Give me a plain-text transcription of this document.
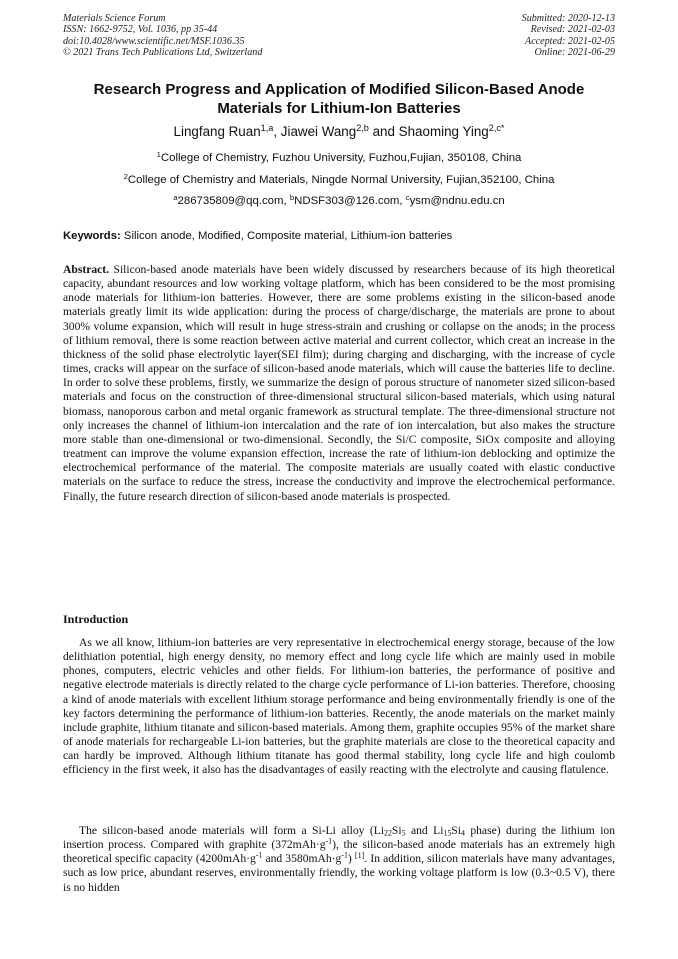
Materials Science Forum
ISSN: 1662-9752, Vol. 1036, pp 35-44
doi:10.4028/www.scientific.net/MSF.1036.35
© 2021 Trans Tech Publications Ltd, Switzerland
Submitted: 2020-12-13
Revised: 2021-02-03
Accepted: 2021-02-05
Online: 2021-06-29
Research Progress and Application of Modified Silicon-Based Anode
Materials for Lithium-Ion Batteries
Lingfang Ruan$^{1,a}$, Jiawei Wang$^{2,b}$ and Shaoming Ying$^{2,c*}$
$^1$College of Chemistry, Fuzhou University, Fuzhou,Fujian, 350108, China
$^2$College of Chemistry and Materials, Ningde Normal University, Fujian,352100, China
$^a$286735809@qq.com, $^b$NDSF303@126.com, $^c$ysm@ndnu.edu.cn
Keywords: Silicon anode, Modified, Composite material, Lithium-ion batteries
Abstract. Silicon-based anode materials have been widely discussed by researchers because of its high theoretical capacity, abundant resources and low working voltage platform, which has been considered to be the most promising anode materials for lithium-ion batteries. However, there are some problems existing in the silicon-based anode materials greatly limit its wide application: during the process of charge/discharge, the materials are prone to about 300% volume expansion, which will result in huge stress-strain and crushing or collapse on the anods; in the process of lithium removal, there is some reaction between active material and current collector, which creat an increase in the thickness of the solid phase electrolytic layer(SEI film); during charging and discharging, with the increase of cycle times, cracks will appear on the surface of silicon-based anode materials, which will cause the batteries life to decline. In order to solve these problems, firstly, we summarize the design of porous structure of nanometer sized silicon-based materials and focus on the construction of three-dimensional structural silicon-based materials, which using natural biomass, nanoporous carbon and metal organic framework as structural template. The three-dimensional structure not only increases the channel of lithium-ion intercalation and the rate of ion intercalation, but also makes the structure more stable than one-dimensional or two-dimensional. Secondly, the Si/C composite, SiOx composite and alloying treatment can improve the volume expansion effection, increase the rate of lithium-ion deblocking and optimize the electrochemical performance of the material. The composite materials are usually coated with elastic conductive materials on the surface to reduce the stress, increase the conductivity and improve the electrochemical performance. Finally, the future research direction of silicon-based anode materials is prospected.
Introduction
As we all know, lithium-ion batteries are very representative in electrochemical energy storage, because of the low delithiation potential, high energy density, no memory effect and long cycle life which are mainly used in mobile phones, computers, electric vehicles and other fields. For lithium-ion batteries, the performance of positive and negative electrode materials is directly related to the charge cycle performance of Li-ion batteries. Therefore, choosing a kind of anode materials with excellent lithium storage performance and being environmentally friendly is one of the key factors determining the performance of lithium-ion batteries. Recently, the anode materials on the market mainly include graphite, lithium titanate and silicon-based materials. Among them, graphite occupies 95% of the market share of anode materials for rechargeable Li-ion batteries, but the graphite materials are close to the theoretical capacity and can hardly be improved. Although lithium titanate has good thermal stability, long cycle life and high coulomb efficiency in the first week, it also has the disadvantages of easily reacting with the electrolyte and causing flatulence.
The silicon-based anode materials will form a Si-Li alloy ($Li_{22}Si_5$ and $Li_{15}Si_4$ phase) during the lithium ion insertion process. Compared with graphite $(372mAh\cdot g^{-1})$, the silicon-based anode materials has an extremely high theoretical specific capacity ($4200mAh\cdot g^{-1}$ and $3580mAh\cdot g^{-1}$) [1]. In addition, silicon materials have many advantages, such as low price, abundant reserves, environmentally friendly, the working voltage platform is low (0.3~0.5 V), there is no hidden
